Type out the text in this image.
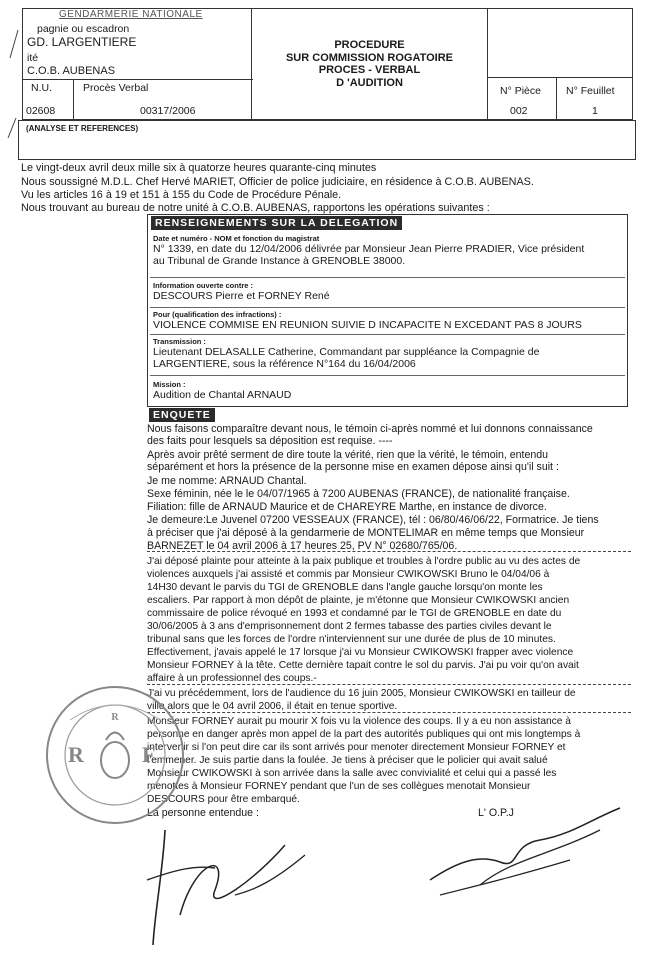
GENDARMERIE NATIONALE
pagnie ou escadron
GD. LARGENTIERE
ité
C.O.B. AUBENAS
N.U.	Procès Verbal
02608	00317/2006
PROCEDURE
SUR COMMISSION ROGATOIRE
PROCES - VERBAL
D 'AUDITION
N° Pièce N° Feuillet
002	1
(ANALYSE ET REFERENCES)
Le vingt-deux avril deux mille six à quatorze heures quarante-cinq minutes
Nous soussigné M.D.L. Chef Hervé MARIET, Officier de police judiciaire, en résidence à C.O.B. AUBENAS.
Vu les articles 16 à 19 et 151 à 155 du Code de Procédure Pénale.
Nous trouvant au bureau de notre unité à C.O.B. AUBENAS, rapportons les opérations suivantes :
RENSEIGNEMENTS SUR LA DELEGATION
Date et numéro - NOM et fonction du magistrat
N° 1339, en date du 12/04/2006 délivrée par Monsieur Jean Pierre PRADIER, Vice président
au Tribunal de Grande Instance à GRENOBLE 38000.
Information ouverte contre :
DESCOURS Pierre et FORNEY René
Pour (qualification des infractions) :
VIOLENCE COMMISE EN REUNION SUIVIE D INCAPACITE N EXCEDANT PAS 8 JOURS
Transmission :
Lieutenant DELASALLE Catherine, Commandant par suppléance la Compagnie de
LARGENTIERE, sous la référence N°164 du 16/04/2006
Mission :
Audition de Chantal ARNAUD
ENQUETE
Nous faisons comparaître devant nous, le témoin ci-après nommé et lui donnons connaissance
des faits pour lesquels sa déposition est requise. ----
Après avoir prêté serment de dire toute la vérité, rien que la vérité, le témoin, entendu
séparément et hors la présence de la personne mise en examen dépose ainsi qu'il suit :
Je me nomme: ARNAUD Chantal.
Sexe féminin, née le le 04/07/1965 à 7200 AUBENAS (FRANCE), de nationalité française.
Filiation: fille de ARNAUD Maurice et de CHAREYRE Marthe, en instance de divorce.
Je demeure:Le Juvenel 07200 VESSEAUX (FRANCE), tél : 06/80/46/06/22, Formatrice. Je tiens
à préciser que j'ai déposé à la gendarmerie de MONTELIMAR en même temps que Monsieur
BARNEZET le 04 avril 2006 à 17 heures 25, PV N° 02680/765/06.
J'ai déposé plainte pour atteinte à la paix publique et troubles à l'ordre public au vu des actes de
violences auxquels j'ai assisté et commis par Monsieur CWIKOWSKI Bruno le 04/04/06 à
14H30 devant le parvis du TGI de GRENOBLE dans l'angle gauche lorsqu'on monte les
escaliers. Par rapport à mon dépôt de plainte, je m'étonne que Monsieur CWIKOWSKI ancien
commissaire de police révoqué en 1993 et condamné par le TGI de GRENOBLE en date du
30/06/2005 à 3 ans d'emprisonnement dont 2 fermes tabasse des parties civiles devant le
tribunal sans que les forces de l'ordre n'interviennent sur une durée de plus de 10 minutes.
Effectivement, j'avais appelé le 17 lorsque j'ai vu Monsieur CWIKOWSKI frapper avec violence
Monsieur FORNEY à la tête. Cette dernière tapait contre le sol du parvis. J'ai pu voir qu'on avait
affaire à un professionnel des coups.-
J'ai vu précédemment, lors de l'audience du 16 juin 2005, Monsieur CWIKOWSKI en tailleur de
ville alors que le 04 avril 2006, il était en tenue sportive.
Monsieur FORNEY aurait pu mourir X fois vu la violence des coups. Il y a eu non assistance à
personne en danger après mon appel de la part des autorités publiques qui ont mis longtemps à
intervenir si l'on peut dire car ils sont arrivés pour menoter directement Monsieur FORNEY et
l'emmener. Je suis partie dans la foulée. Je tiens à préciser que le policier qui avait salué
Monsieur CWIKOWSKI à son arrivée dans la salle avec convivialité et celui qui a passé les
menottes à Monsieur FORNEY pendant que l'un de ses collègues menotait Monsieur
DESCOURS pour être embarqué.
La personne entendue :	L' O.P.J
R
R	F
